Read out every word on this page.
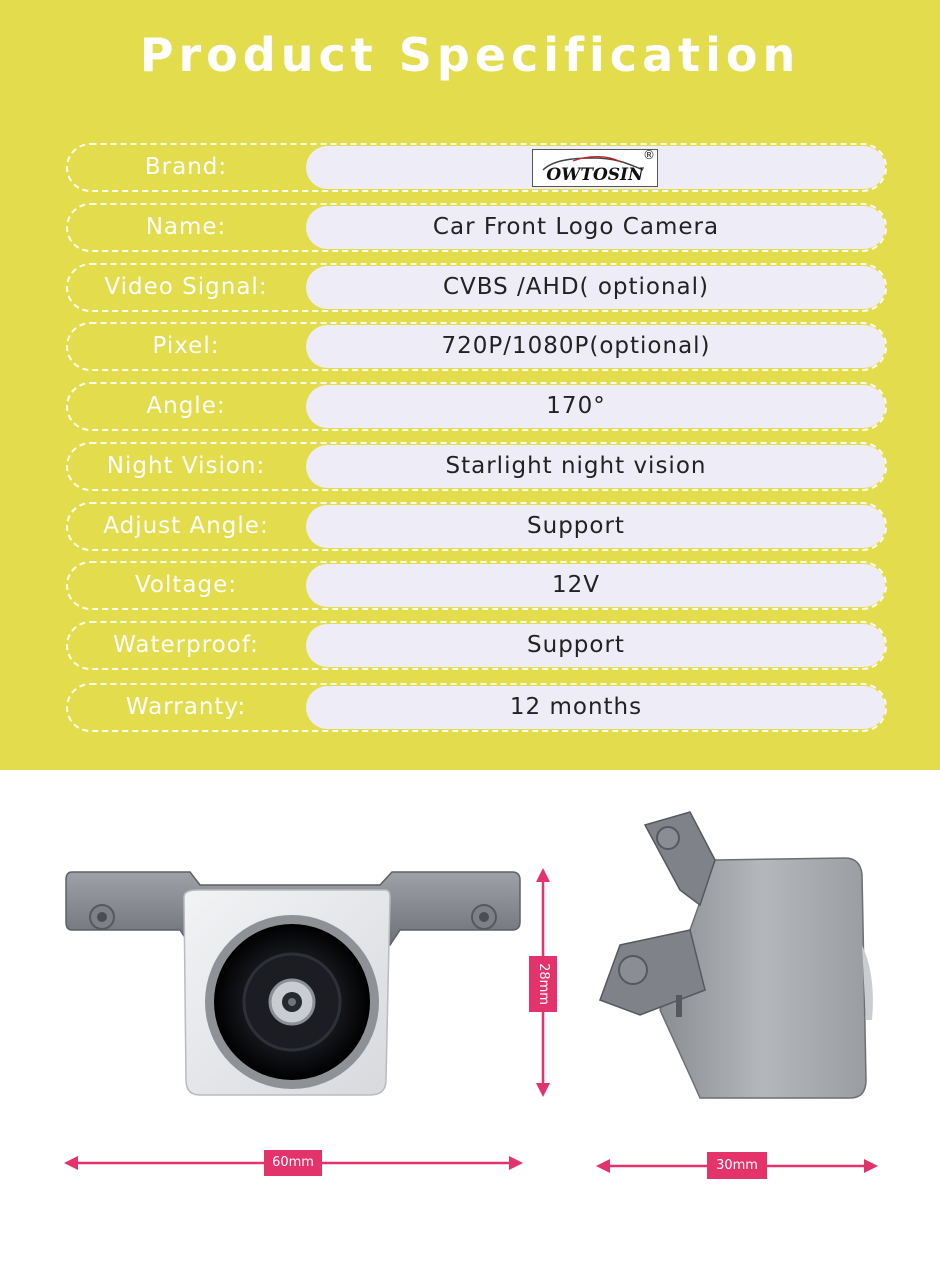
Product Specification
Brand:	OWTOSIN
®
Name:	Car Front Logo Camera
Video Signal:	CVBS /AHD( optional)
Pixel:	720P/1080P(optional)
Angle:	170°
Night Vision:	Starlight night vision
Adjust Angle:	Support
Voltage:	12V
Waterproof:	Support
Warranty:	12 months
28mm
60mm	30mm
